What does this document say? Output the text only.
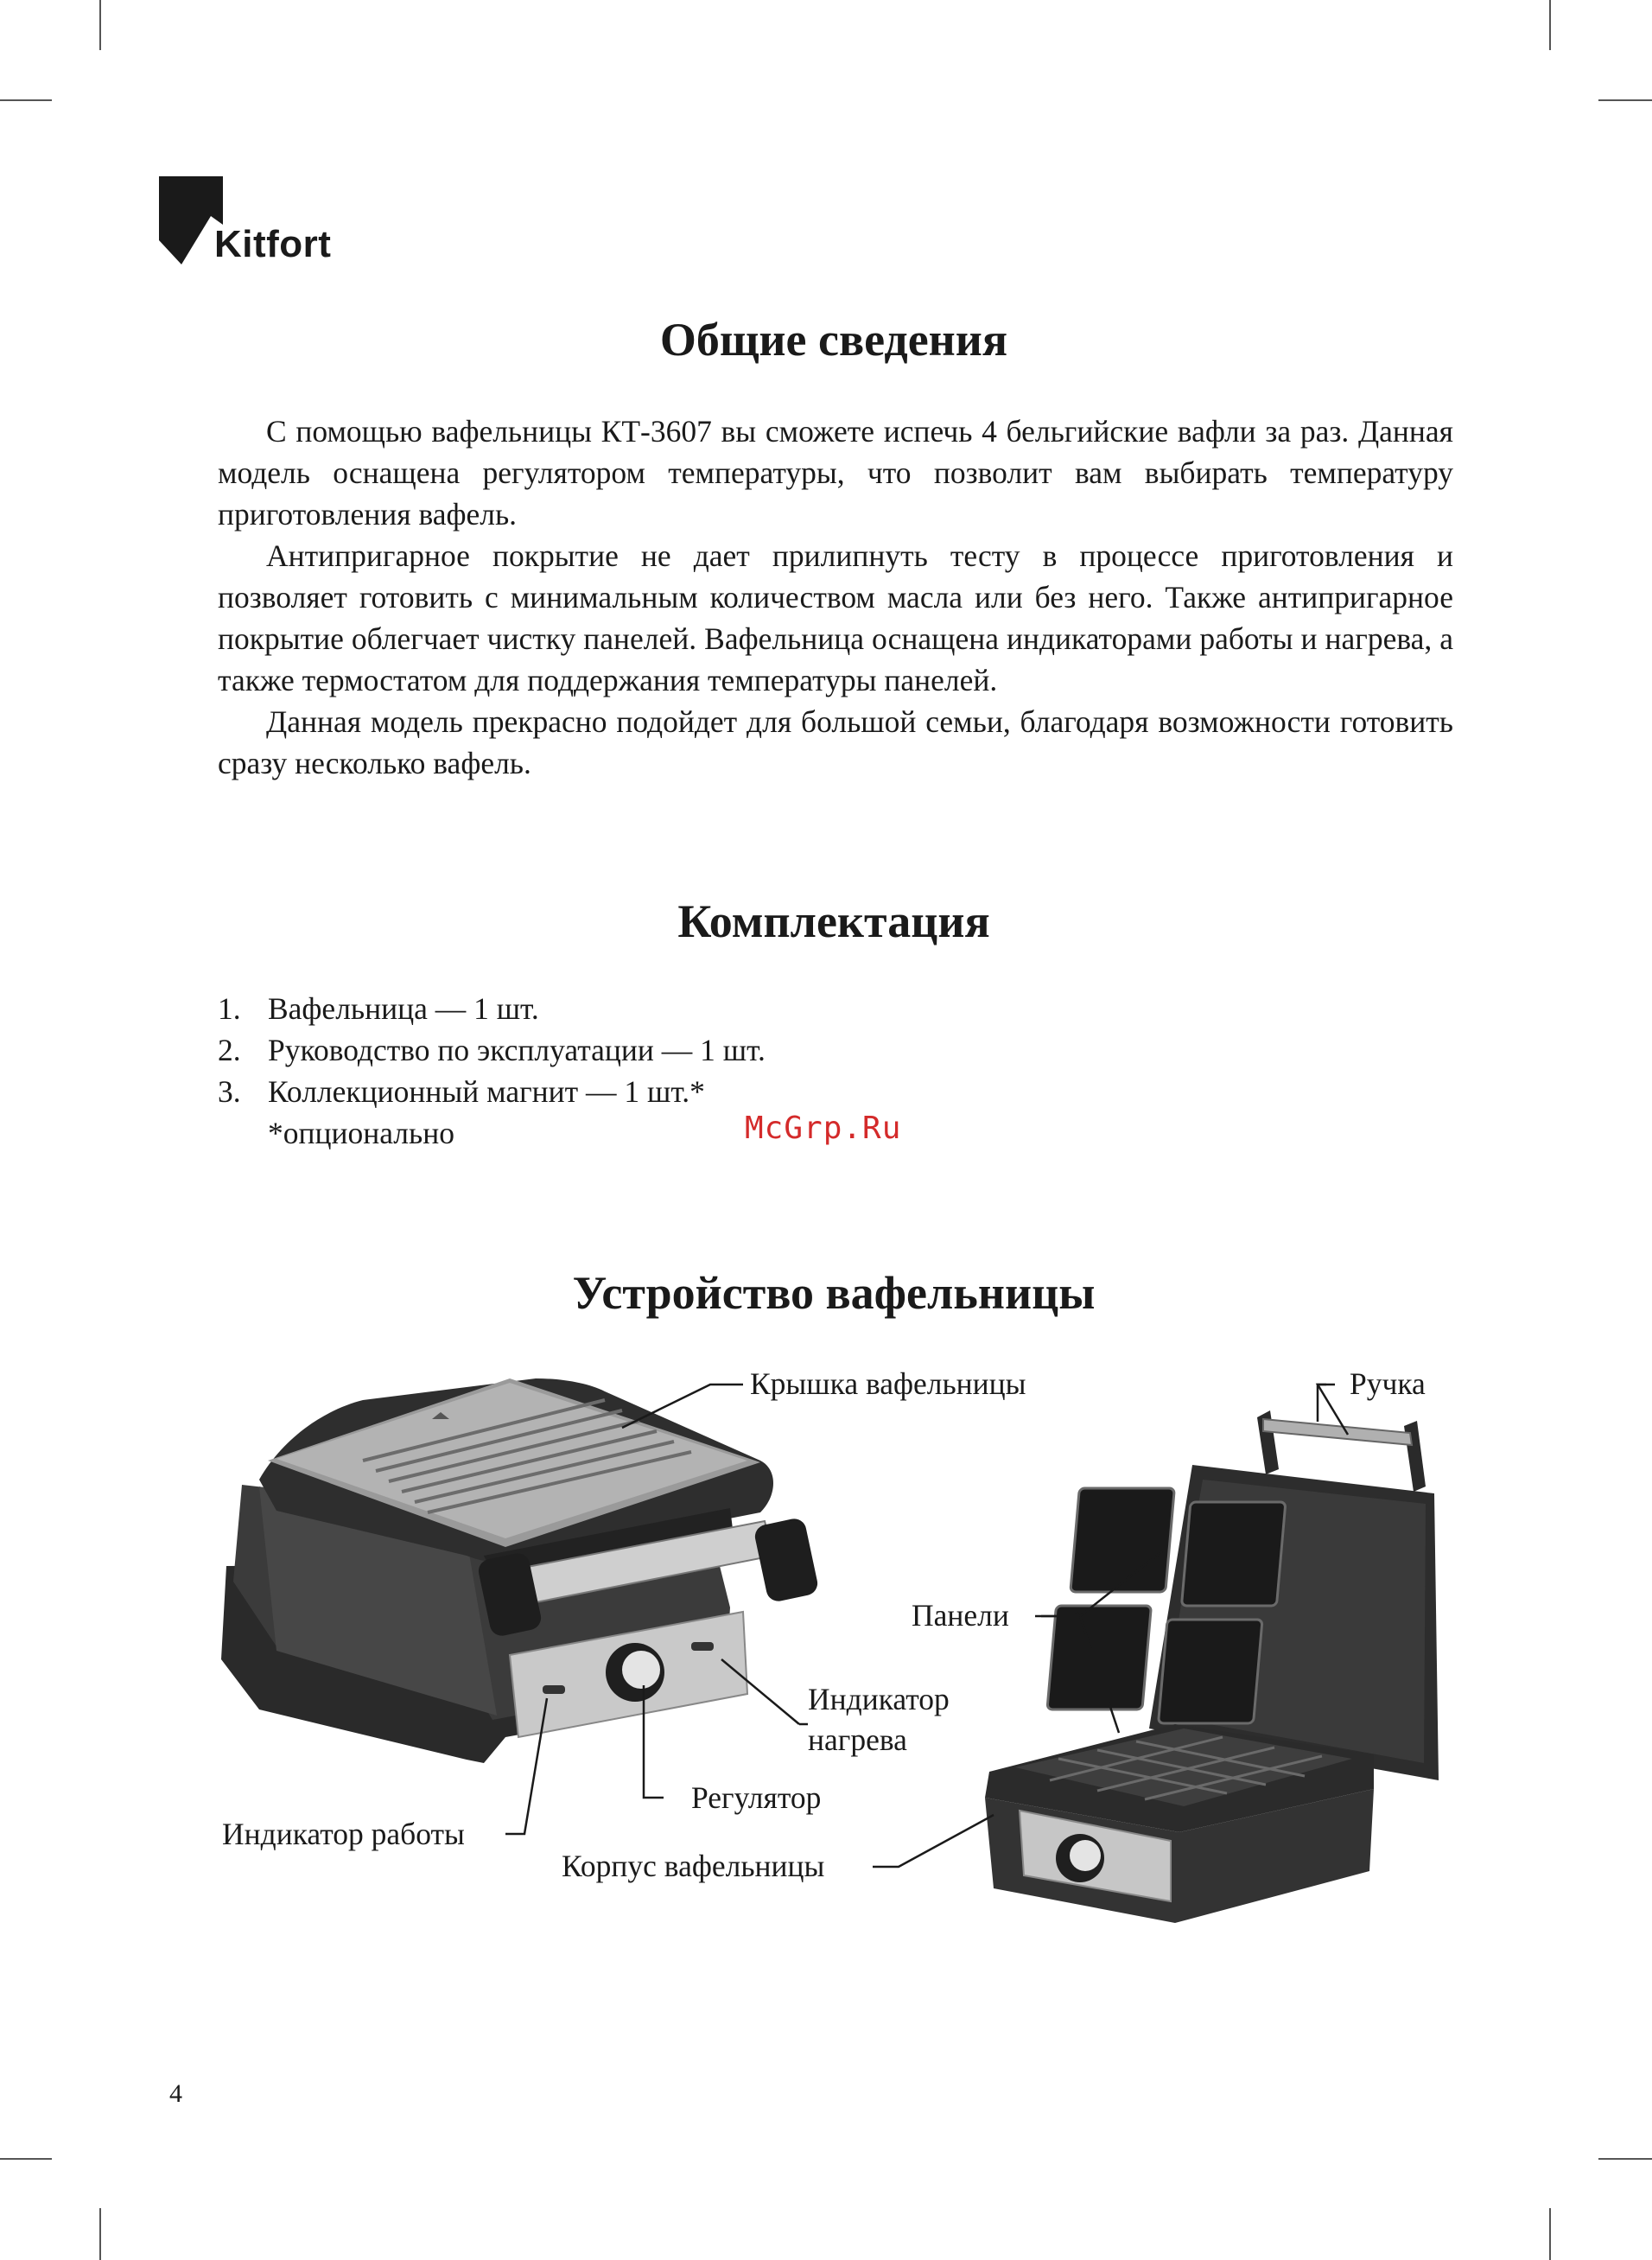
Kitfort
Общие сведения

С помощью вафельницы КТ-3607 вы сможете испечь 4 бельгийские вафли за раз. Данная модель оснащена регулятором температуры, что позволит вам выбирать температуру приготовления вафель.

Антипригарное покрытие не дает прилипнуть тесту в процессе приготовления и позволяет готовить с минимальным количеством масла или без него. Также антипригарное покрытие облегчает чистку панелей. Вафельница оснащена индикаторами работы и нагрева, а также термостатом для поддержания температуры панелей.

Данная модель прекрасно подойдет для большой семьи, благодаря возможности готовить сразу несколько вафель.

Комплектация
1. Вафельница — 1 шт.
2. Руководство по эксплуатации — 1 шт.
3. Коллекционный магнит — 1 шт.*
*опционально	McGrp.Ru
Устройство вафельницы
Крышка вафельницы	Ручка
Панели
Индикатор
нагрева
Регулятор
Индикатор работы
Корпус вафельницы
4
